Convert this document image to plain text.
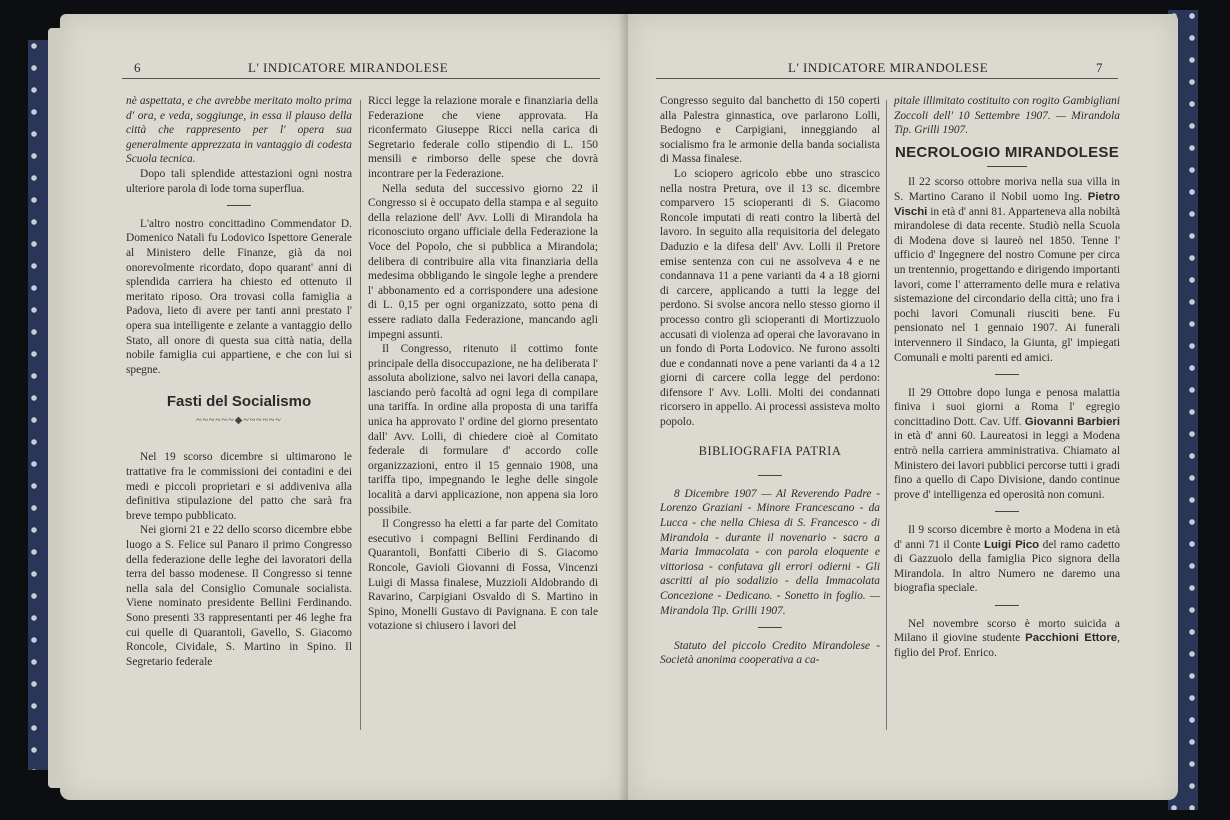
6	L' INDICATORE MIRANDOLESE

nè aspettata, e che avrebbe meritato molto prima d' ora, e veda, soggiunge, in essa il plauso della città che rappresento per l' opera sua generalmente apprezzata in vantaggio di codesta Scuola tecnica.

Dopo tali splendide attestazioni ogni nostra ulteriore parola di lode torna superflua.

L'altro nostro concittadino Commendator D. Domenico Natali fu Lodovico Ispettore Generale al Ministero delle Finanze, già da noi onorevolmente ricordato, dopo quarant' anni di splendida carriera ha chiesto ed ottenuto il meritato riposo. Ora trovasi colla famiglia a Padova, lieto di avere per tanti anni prestato l' opera sua intelligente e zelante a vantaggio dello Stato, all onore di questa sua città natia, della nobile famiglia cui appartiene, e che con lui si spegne.

Fasti del Socialismo
~~~~~~◆~~~~~~

Nel 19 scorso dicembre si ultimarono le trattative fra le commissioni dei contadini e dei medi e piccoli proprietari e si addiveniva alla definitiva stipulazione del patto che sarà fra breve tempo pubblicato.

Nei giorni 21 e 22 dello scorso dicembre ebbe luogo a S. Felice sul Panaro il primo Congresso della federazione delle leghe dei lavoratori della terra del basso modenese. Il Congresso si tenne nella sala del Consiglio Comunale socialista. Viene nominato presidente Bellini Ferdinando. Sono presenti 33 rappresentanti per 46 leghe fra cui quelle di Quarantoli, Gavello, S. Giacomo Roncole, Cividale, S. Martino in Spino. Il Segretario federale

Ricci legge la relazione morale e finanziaria della Federazione che viene approvata. Ha riconfermato Giuseppe Ricci nella carica di Segretario federale collo stipendio di L. 150 mensili e rimborso delle spese che dovrà incontrare per la Federazione.

Nella seduta del successivo giorno 22 il Congresso si è occupato della stampa e al seguito della relazione dell' Avv. Lolli di Mirandola ha riconosciuto organo ufficiale della Federazione la Voce del Popolo, che si pubblica a Mirandola; delibera di contribuire alla vita finanziaria della medesima obbligando le singole leghe a prendere l' abbonamento ed a corrispondere una adesione di L. 0,15 per ogni organizzato, sotto pena di essere radiato dalla Federazione, mancando agli impegni assunti.

Il Congresso, ritenuto il cottimo fonte principale della disoccupazione, ne ha deliberata l' assoluta abolizione, salvo nei lavori della canapa, lasciando però facoltà ad ogni lega di compilare una tariffa. In ordine alla proposta di una tariffa unica ha approvato l' ordine del giorno presentato dall' Avv. Lolli, di chiedere cioè al Comitato federale di formulare d' accordo colle organizzazioni, entro il 15 gennaio 1908, una tariffa tipo, impegnando le leghe delle singole località a darvi applicazione, non appena sia loro possibile.

Il Congresso ha eletti a far parte del Comitato esecutivo i compagni Bellini Ferdinando di Quarantoli, Bonfatti Ciberio di S. Giacomo Roncole, Gavioli Giovanni di Fossa, Vincenzi Luigi di Massa finalese, Muzzioli Aldobrando di Ravarino, Carpigiani Osvaldo di S. Martino in Spino, Monelli Gustavo di Pavignana. E con tale votazione si chiusero i lavori del

L' INDICATORE MIRANDOLESE	7

Congresso seguito dal banchetto di 150 coperti alla Palestra ginnastica, ove parlarono Lolli, Bedogno e Carpigiani, inneggiando al socialismo fra le armonie della banda socialista di Massa finalese.

Lo sciopero agricolo ebbe uno strascico nella nostra Pretura, ove il 13 sc. dicembre comparvero 15 scioperanti di S. Giacomo Roncole imputati di reati contro la libertà del lavoro. In seguito alla requisitoria del delegato Daduzio e la difesa dell' Avv. Lolli il Pretore emise sentenza con cui ne assolveva 4 e ne condannava 11 a pene varianti da 4 a 18 giorni di carcere, applicando a tutti la legge del perdono. Si svolse ancora nello stesso giorno il processo contro gli scioperanti di Mortizzuolo accusati di violenza ad operai che lavoravano in un fondo di Porta Lodovico. Ne furono assolti due e condannati nove a pene varianti da 4 a 12 giorni di carcere colla legge del perdono: difensore l' Avv. Lolli. Molti dei condannati ricorsero in appello. Ai processi assisteva molto popolo.

BIBLIOGRAFIA PATRIA

8 Dicembre 1907 — Al Reverendo Padre - Lorenzo Graziani - Minore Francescano - da Lucca - che nella Chiesa di S. Francesco - di Mirandola - durante il novenario - sacro a Maria Immacolata - con parola eloquente e vittoriosa - confutava gli errori odierni - Gli ascritti al pio sodalizio - della Immacolata Concezione - Dedicano. - Sonetto in foglio. — Mirandola Tip. Grilli 1907.

Statuto del piccolo Credito Mirandolese - Società anonima cooperativa a ca-

pitale illimitato costituito con rogito Gambigliani Zoccoli dell' 10 Settembre 1907. — Mirandola Tip. Grilli 1907.

NECROLOGIO MIRANDOLESE

Il 22 scorso ottobre moriva nella sua villa in S. Martino Carano il Nobil uomo Ing. Pietro Vischi in età d' anni 81. Apparteneva alla nobiltà mirandolese di data recente. Studiò nella Scuola di Modena dove si laureò nel 1850. Tenne l' ufficio d' Ingegnere del nostro Comune per circa un trentennio, progettando e dirigendo importanti lavori, come l' atterramento delle mura e relativa sistemazione del circondario della città; uno fra i pochi lavori Comunali riusciti bene. Fu pensionato nel 1 gennaio 1907. Ai funerali intervennero il Sindaco, la Giunta, gl' impiegati Comunali e molti parenti ed amici.

Il 29 Ottobre dopo lunga e penosa malattia finiva i suoi giorni a Roma l' egregio concittadino Dott. Cav. Uff. Giovanni Barbieri in età d' anni 60. Laureatosi in leggi a Modena entrò nella carriera amministrativa. Chiamato al Ministero dei lavori pubblici percorse tutti i gradi fino a quello di Capo Divisione, dando continue prove d' intelligenza ed operosità non comuni.

Il 9 scorso dicembre è morto a Modena in età d' anni 71 il Conte Luigi Pico del ramo cadetto di Gazzuolo della famiglia Pico signora della Mirandola. In altro Numero ne daremo una biografia speciale.

Nel novembre scorso è morto suicida a Milano il giovine studente Pacchioni Ettore, figlio del Prof. Enrico.
